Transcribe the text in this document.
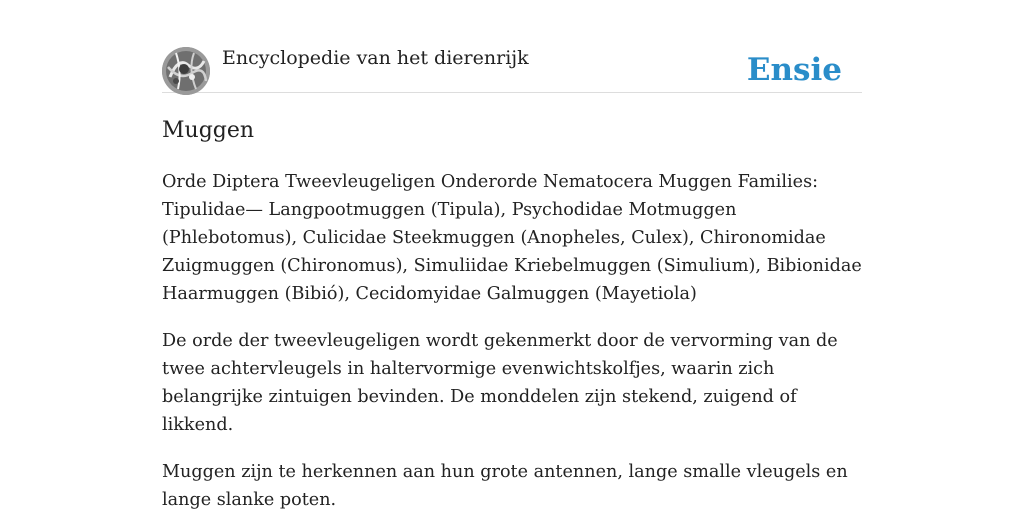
Encyclopedie van het dierenrijk	Ensie
Muggen

Orde Diptera Tweevleugeligen Onderorde Nematocera Muggen Families: Tipulidae— Langpootmuggen (Tipula), Psychodidae Motmuggen (Phlebotomus), Culicidae Steekmuggen (Anopheles, Culex), Chironomidae Zuigmuggen (Chironomus), Simuliidae Kriebelmuggen (Simulium), Bibionidae Haarmuggen (Bibió), Cecidomyidae Galmuggen (Mayetiola)

De orde der tweevleugeligen wordt gekenmerkt door de vervorming van de twee achtervleugels in haltervormige evenwichtskolfjes, waarin zich belangrijke zintuigen bevinden. De monddelen zijn stekend, zuigend of likkend.

Muggen zijn te herkennen aan hun grote antennen, lange smalle vleugels en lange slanke poten.
